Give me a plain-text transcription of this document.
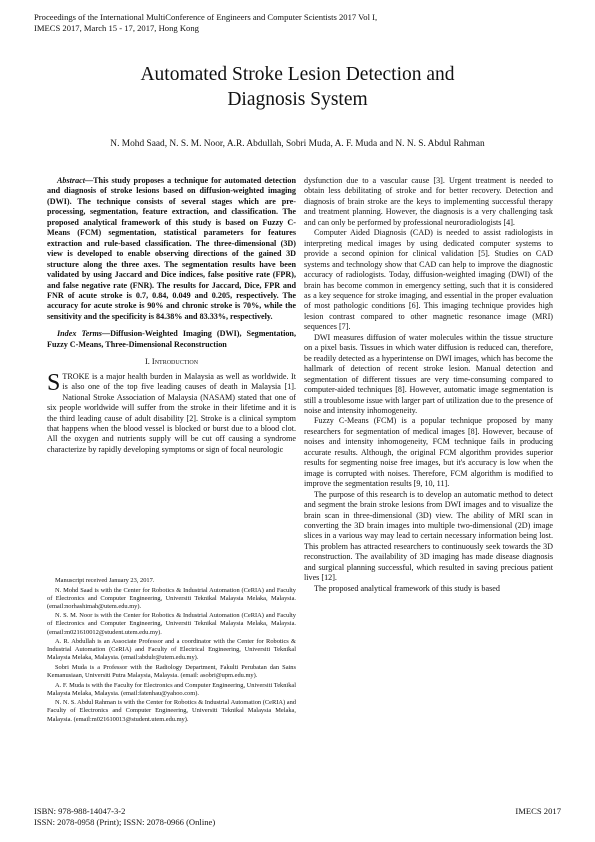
Proceedings of the International MultiConference of Engineers and Computer Scientists 2017 Vol I,
IMECS 2017, March 15 - 17, 2017, Hong Kong
Automated Stroke Lesion Detection and
Diagnosis System
N. Mohd Saad, N. S. M. Noor, A.R. Abdullah, Sobri Muda, A. F. Muda and N. N. S. Abdul Rahman

Abstract—This study proposes a technique for automated detection and diagnosis of stroke lesions based on diffusion-weighted imaging (DWI). The technique consists of several stages which are pre-processing, segmentation, feature extraction, and classification. The proposed analytical framework of this study is based on Fuzzy C-Means (FCM) segmentation, statistical parameters for features extraction and rule-based classification. The three-dimensional (3D) view is developed to enable observing directions of the gained 3D structure along the three axes. The segmentation results have been validated by using Jaccard and Dice indices, false positive rate (FPR), and false negative rate (FNR). The results for Jaccard, Dice, FPR and FNR of acute stroke is 0.7, 0.84, 0.049 and 0.205, respectively. The accuracy for acute stroke is 90% and chronic stroke is 70%, while the sensitivity and the specificity is 84.38% and 83.33%, respectively.

Index Terms—Diffusion-Weighted Imaging (DWI), Segmentation, Fuzzy C-Means, Three-Dimensional Reconstruction

I. Introduction

STROKE is a major health burden in Malaysia as well as worldwide. It is also one of the top five leading causes of death in Malaysia [1]. National Stroke Association of Malaysia (NASAM) stated that one of six people worldwide will suffer from the stroke in their lifetime and it is the third leading cause of adult disability [2]. Stroke is a clinical symptom that happens when the blood vessel is blocked or burst due to a blood clot. All the oxygen and nutrients supply will be cut off causing a syndrome characterize by rapidly developing symptoms or sign of focal neurologic

Manuscript received January 23, 2017.

N. Mohd Saad is with the Center for Robotics & Industrial Automation (CeRIA) and Faculty of Electronics and Computer Engineering, Universiti Teknikal Malaysia Melaka, Malaysia. (email:norhashimah@utem.edu.my).

N. S. M. Noor is with the Center for Robotics & Industrial Automation (CeRIA) and Faculty of Electronics and Computer Engineering, Universiti Teknikal Malaysia Melaka, Malaysia. (email:m021610012@student.utem.edu.my).

A. R. Abdullah is an Associate Professor and a coordinator with the Center for Robotics & Industrial Automation (CeRIA) and Faculty of Electrical Engineering, Universiti Teknikal Malaysia Melaka, Malaysia. (email:abdulr@utem.edu.my).

Sobri Muda is a Professor with the Radiology Department, Fakulti Perubatan dan Sains Kemanusiaan, Universiti Putra Malaysia, Malaysia. (email: asobri@upm.edu.my).

A. F. Muda is with the Faculty for Electronics and Computer Engineering, Universiti Teknikal Malaysia Melaka, Malaysia. (email:fatenhau@yahoo.com).

N. N. S. Abdul Rahman is with the Center for Robotics & Industrial Automation (CeRIA) and Faculty of Electronics and Computer Engineering, Universiti Teknikal Malaysia Melaka, Malaysia. (email:m021610013@student.utem.edu.my).

dysfunction due to a vascular cause [3]. Urgent treatment is needed to obtain less debilitating of stroke and for better recovery. Detection and diagnosis of brain stroke are the keys to implementing successful therapy and treatment planning. However, the diagnosis is a very challenging task and can only be performed by professional neuroradiologists [4].

Computer Aided Diagnosis (CAD) is needed to assist radiologists in interpreting medical images by using dedicated computer systems to provide a second opinion for clinical validation [5]. Studies on CAD systems and technology show that CAD can help to improve the diagnostic accuracy of radiologists. Today, diffusion-weighted imaging (DWI) of the brain has become common in emergency setting, such that it is considered as a key sequence for stroke imaging, and essential in the proper evaluation of most pathologic conditions [6]. This imaging technique provides high lesion contrast compared to other magnetic resonance image (MRI) sequences [7].

DWI measures diffusion of water molecules within the tissue structure on a pixel basis. Tissues in which water diffusion is reduced can, therefore, be readily detected as a hyperintense on DWI images, which has become the hallmark of detection of recent stroke lesion. Manual detection and segmentation of different tissues are very time-consuming compared to computer-aided techniques [8]. However, automatic image segmentation is still a troublesome issue with larger part of utilization due to the presence of noise and intensity inhomogeneity.

Fuzzy C-Means (FCM) is a popular technique proposed by many researchers for segmentation of medical images [8]. However, because of noises and intensity inhomogeneity, FCM technique fails in producing accurate results. Although, the original FCM algorithm provides superior results for segmenting noise free images, but it's accuracy is low when the image is corrupted with noises. Therefore, FCM algorithm is modified to improve the segmentation results [9, 10, 11].

The purpose of this research is to develop an automatic method to detect and segment the brain stroke lesions from DWI images and to visualize the brain scan in three-dimensional (3D) view. The ability of MRI scan in converting the 3D brain images into multiple two-dimensional (2D) image slices in a various way may lead to certain necessary information being lost. This problem has attracted researchers to continuously seek towards the 3D reconstruction. The availability of 3D imaging has made disease diagnosis and surgical planning successful, which resulted in saving precious patient lives [12].

The proposed analytical framework of this study is based

ISBN: 978-988-14047-3-2
ISSN: 2078-0958 (Print); ISSN: 2078-0966 (Online)
IMECS 2017
